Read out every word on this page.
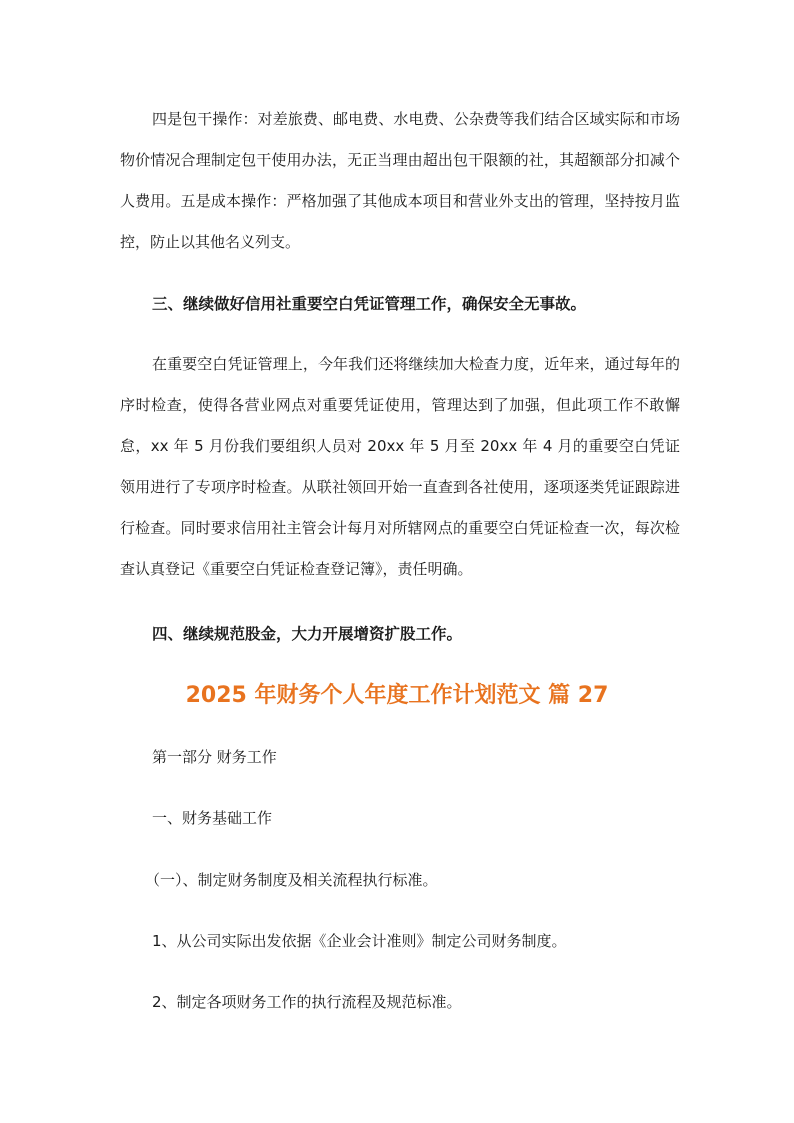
四是包干操作：对差旅费、邮电费、水电费、公杂费等我们结合区域实际和市场物价情况合理制定包干使用办法，无正当理由超出包干限额的社，其超额部分扣减个人费用。五是成本操作：严格加强了其他成本项目和营业外支出的管理，坚持按月监控，防止以其他名义列支。

三、继续做好信用社重要空白凭证管理工作，确保安全无事故。

在重要空白凭证管理上，今年我们还将继续加大检查力度，近年来，通过每年的序时检查，使得各营业网点对重要凭证使用，管理达到了加强，但此项工作不敢懈怠，xx 年 5 月份我们要组织人员对 20xx 年 5 月至 20xx 年 4 月的重要空白凭证领用进行了专项序时检查。从联社领回开始一直查到各社使用，逐项逐类凭证跟踪进行检查。同时要求信用社主管会计每月对所辖网点的重要空白凭证检查一次，每次检查认真登记《重要空白凭证检查登记簿》，责任明确。

四、继续规范股金，大力开展增资扩股工作。

2025 年财务个人年度工作计划范文 篇 27

第一部分 财务工作

一、财务基础工作

（一）、制定财务制度及相关流程执行标准。

1、从公司实际出发依据《企业会计准则》制定公司财务制度。

2、制定各项财务工作的执行流程及规范标准。
